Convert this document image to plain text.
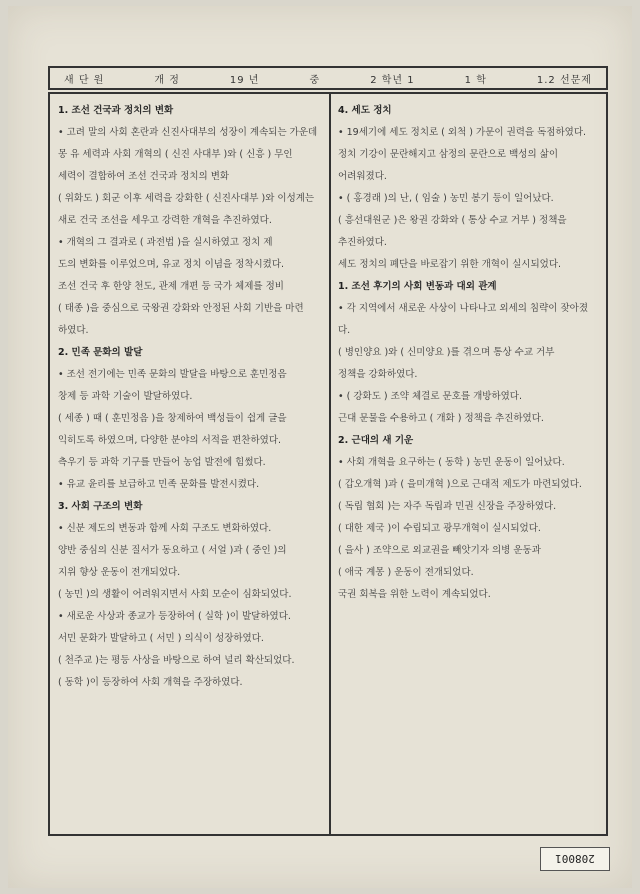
새 단 원	개 정	19 년	중	2 학년 1	1 학	1.2 선문제

1. 조선 건국과 정치의 변화

• 고려 말의 사회 혼란과 신진사대부의 성장이 계속되는 가운데

몽 유 세력과 사회 개혁의 ( 신진 사대부 )와 ( 신흥 ) 무인

세력이 결합하여 조선 건국과 정치의 변화

( 위화도 ) 회군 이후 세력을 강화한 ( 신진사대부 )와 이성계는

새로 건국 조선을 세우고 강력한 개혁을 추진하였다.

• 개혁의 그 결과로 ( 과전법 )을 실시하였고 정치 제

도의 변화를 이루었으며, 유교 정치 이념을 정착시켰다.

조선 건국 후 한양 천도, 관제 개편 등 국가 체제를 정비

( 태종 )을 중심으로 국왕권 강화와 안정된 사회 기반을 마련

하였다.

2. 민족 문화의 발달

• 조선 전기에는 민족 문화의 발달을 바탕으로 훈민정음

창제 등 과학 기술이 발달하였다.

( 세종 ) 때 ( 훈민정음 )을 창제하여 백성들이 쉽게 글을

익히도록 하였으며, 다양한 분야의 서적을 편찬하였다.

측우기 등 과학 기구를 만들어 농업 발전에 힘썼다.

• 유교 윤리를 보급하고 민족 문화를 발전시켰다.

3. 사회 구조의 변화

• 신분 제도의 변동과 함께 사회 구조도 변화하였다.

양반 중심의 신분 질서가 동요하고 ( 서얼 )과 ( 중인 )의

지위 향상 운동이 전개되었다.

( 농민 )의 생활이 어려워지면서 사회 모순이 심화되었다.

• 새로운 사상과 종교가 등장하여 ( 실학 )이 발달하였다.

서민 문화가 발달하고 ( 서민 ) 의식이 성장하였다.

( 천주교 )는 평등 사상을 바탕으로 하여 널리 확산되었다.

( 동학 )이 등장하여 사회 개혁을 주장하였다.

4. 세도 정치

• 19세기에 세도 정치로 ( 외척 ) 가문이 권력을 독점하였다.

정치 기강이 문란해지고 삼정의 문란으로 백성의 삶이

어려워졌다.

• ( 홍경래 )의 난, ( 임술 ) 농민 봉기 등이 일어났다.

( 흥선대원군 )은 왕권 강화와 ( 통상 수교 거부 ) 정책을

추진하였다.

세도 정치의 폐단을 바로잡기 위한 개혁이 실시되었다.

1. 조선 후기의 사회 변동과 대외 관계

• 각 지역에서 새로운 사상이 나타나고 외세의 침략이 잦아졌다.

( 병인양요 )와 ( 신미양요 )를 겪으며 통상 수교 거부

정책을 강화하였다.

• ( 강화도 ) 조약 체결로 문호를 개방하였다.

근대 문물을 수용하고 ( 개화 ) 정책을 추진하였다.

2. 근대의 새 기운

• 사회 개혁을 요구하는 ( 동학 ) 농민 운동이 일어났다.

( 갑오개혁 )과 ( 을미개혁 )으로 근대적 제도가 마련되었다.

( 독립 협회 )는 자주 독립과 민권 신장을 주장하였다.

( 대한 제국 )이 수립되고 광무개혁이 실시되었다.

( 을사 ) 조약으로 외교권을 빼앗기자 의병 운동과

( 애국 계몽 ) 운동이 전개되었다.

국권 회복을 위한 노력이 계속되었다.

208001
